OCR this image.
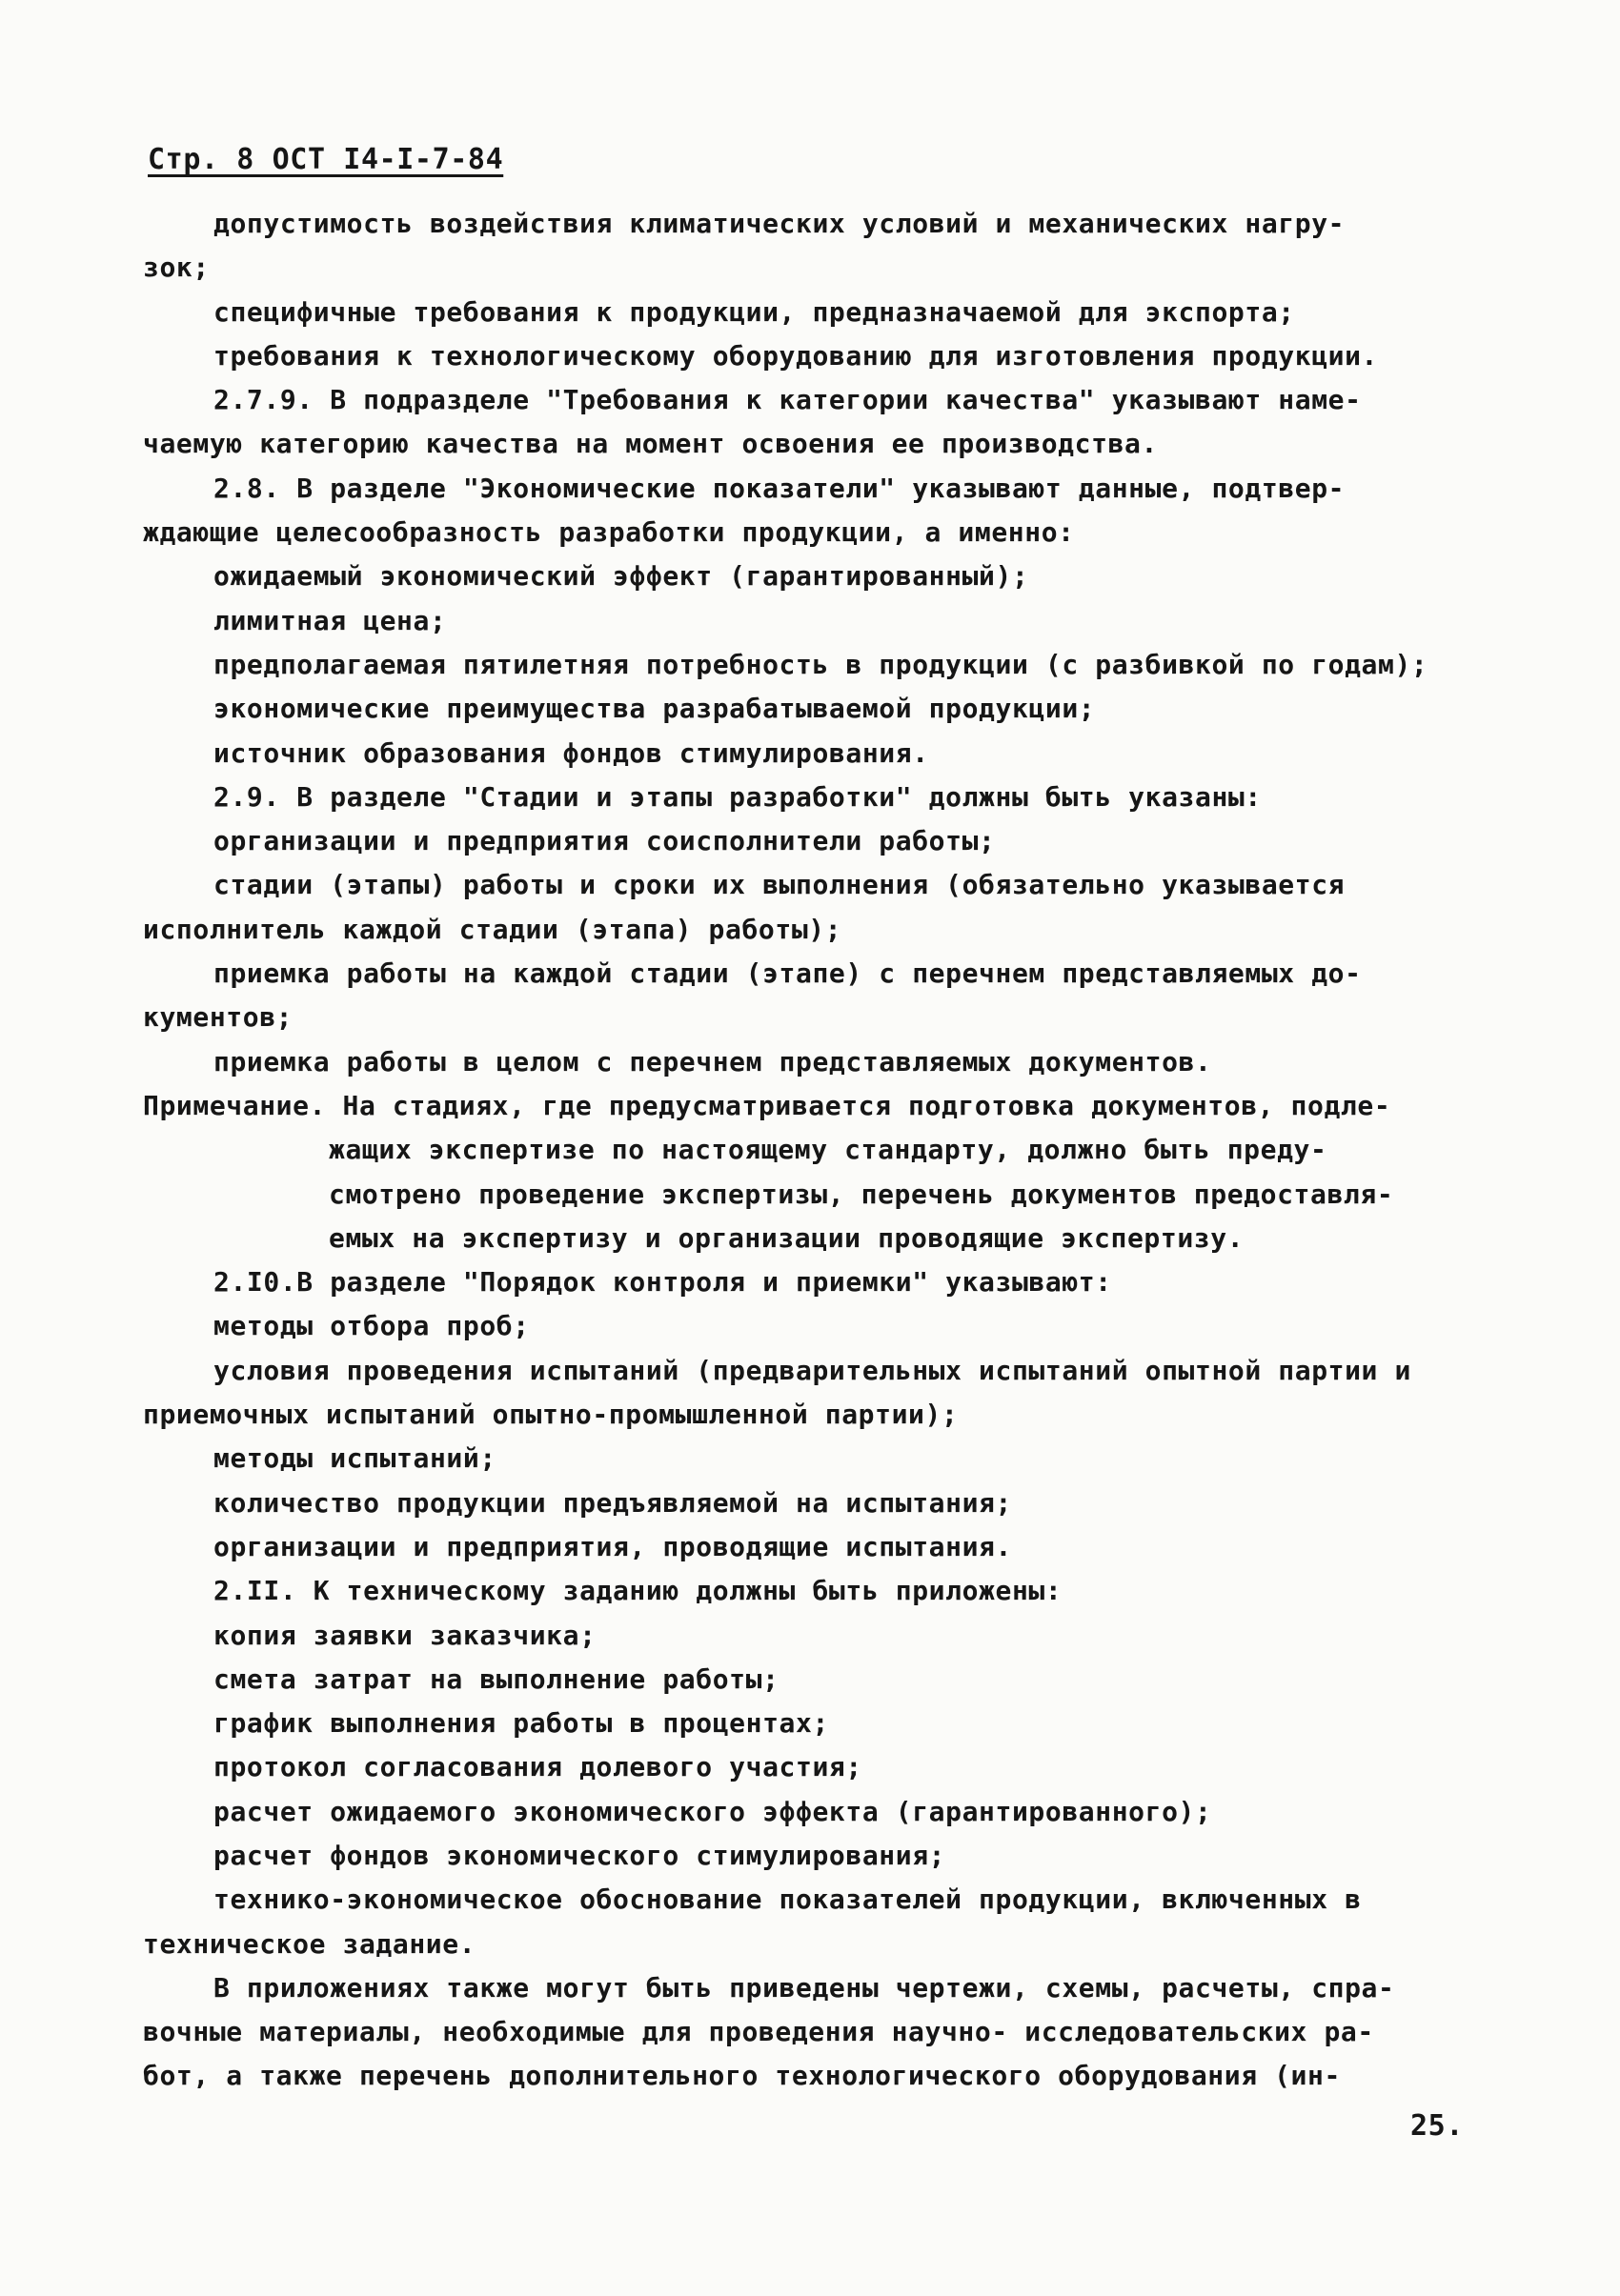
Стр. 8 ОСТ I4-I-7-84
допустимость воздействия климатических условий и механических нагру-
зок;
специфичные требования к продукции, предназначаемой для экспорта;
требования к технологическому оборудованию для изготовления продукции.
2.7.9. В подразделе "Требования к категории качества" указывают наме-
чаемую категорию качества на момент освоения ее производства.
2.8. В разделе "Экономические показатели" указывают данные, подтвер-
ждающие целесообразность разработки продукции, а именно:
ожидаемый экономический эффект (гарантированный);
лимитная цена;
предполагаемая пятилетняя потребность в продукции (с разбивкой по годам);
экономические преимущества разрабатываемой продукции;
источник образования фондов стимулирования.
2.9. В разделе "Стадии и этапы разработки" должны быть указаны:
организации и предприятия соисполнители работы;
стадии (этапы) работы и сроки их выполнения (обязательно указывается
исполнитель каждой стадии (этапа) работы);
приемка работы на каждой стадии (этапе) с перечнем представляемых до-
кументов;
приемка работы в целом с перечнем представляемых документов.
Примечание. На стадиях, где предусматривается подготовка документов, подле-
жащих экспертизе по настоящему стандарту, должно быть преду-
смотрено проведение экспертизы, перечень документов предоставля-
емых на экспертизу и организации проводящие экспертизу.
2.I0.В разделе "Порядок контроля и приемки" указывают:
методы отбора проб;
условия проведения испытаний (предварительных испытаний опытной партии и
приемочных испытаний опытно-промышленной партии);
методы испытаний;
количество продукции предъявляемой на испытания;
организации и предприятия, проводящие испытания.
2.II. К техническому заданию должны быть приложены:
копия заявки заказчика;
смета затрат на выполнение работы;
график выполнения работы в процентах;
протокол согласования долевого участия;
расчет ожидаемого экономического эффекта (гарантированного);
расчет фондов экономического стимулирования;
технико-экономическое обоснование показателей продукции, включенных в
техническое задание.
В приложениях также могут быть приведены чертежи, схемы, расчеты, спра-
вочные материалы, необходимые для проведения научно- исследовательских ра-
бот, а также перечень дополнительного технологического оборудования (ин-
25.
